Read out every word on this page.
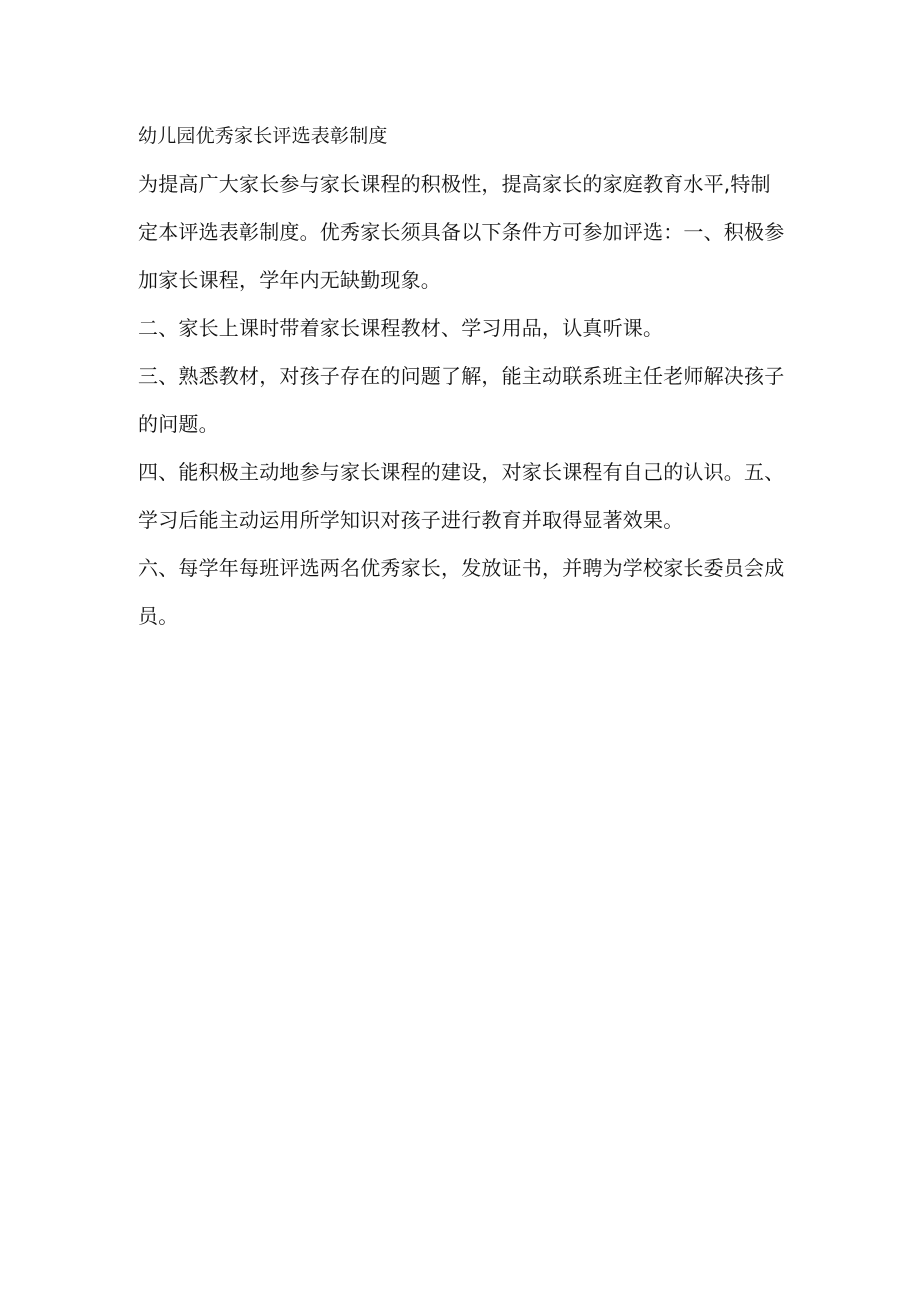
幼儿园优秀家长评选表彰制度
为提高广大家长参与家长课程的积极性，提高家长的家庭教育水平,特制
定本评选表彰制度。优秀家长须具备以下条件方可参加评选：一、积极参
加家长课程，学年内无缺勤现象。
二、家长上课时带着家长课程教材、学习用品，认真听课。
三、熟悉教材，对孩子存在的问题了解，能主动联系班主任老师解决孩子
的问题。
四、能积极主动地参与家长课程的建设，对家长课程有自己的认识。五、
学习后能主动运用所学知识对孩子进行教育并取得显著效果。
六、每学年每班评选两名优秀家长，发放证书，并聘为学校家长委员会成
员。
